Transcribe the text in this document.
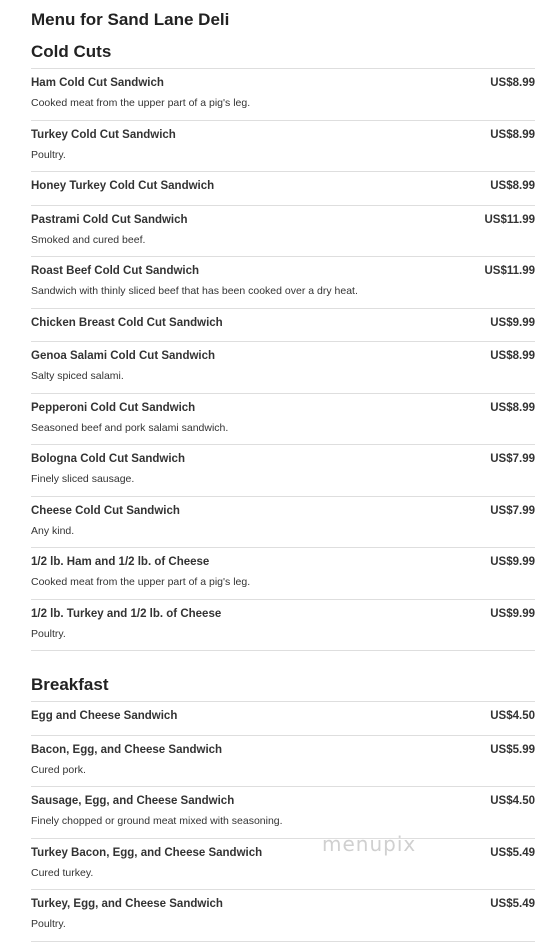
Menu for Sand Lane Deli
Cold Cuts
Ham Cold Cut Sandwich	US$8.99
Cooked meat from the upper part of a pig's leg.
Turkey Cold Cut Sandwich	US$8.99
Poultry.
Honey Turkey Cold Cut Sandwich	US$8.99
Pastrami Cold Cut Sandwich	US$11.99
Smoked and cured beef.
Roast Beef Cold Cut Sandwich	US$11.99
Sandwich with thinly sliced beef that has been cooked over a dry heat.
Chicken Breast Cold Cut Sandwich	US$9.99
Genoa Salami Cold Cut Sandwich	US$8.99
Salty spiced salami.
Pepperoni Cold Cut Sandwich	US$8.99
Seasoned beef and pork salami sandwich.
Bologna Cold Cut Sandwich	US$7.99
Finely sliced sausage.
Cheese Cold Cut Sandwich	US$7.99
Any kind.
1/2 lb. Ham and 1/2 lb. of Cheese	US$9.99
Cooked meat from the upper part of a pig's leg.
1/2 lb. Turkey and 1/2 lb. of Cheese	US$9.99
Poultry.
Breakfast
Egg and Cheese Sandwich	US$4.50
Bacon, Egg, and Cheese Sandwich	US$5.99
Cured pork.
Sausage, Egg, and Cheese Sandwich	US$4.50
Finely chopped or ground meat mixed with seasoning.
Turkey Bacon, Egg, and Cheese Sandwich	US$5.49
Cured turkey.
Turkey, Egg, and Cheese Sandwich	US$5.49
Poultry.
menupix
